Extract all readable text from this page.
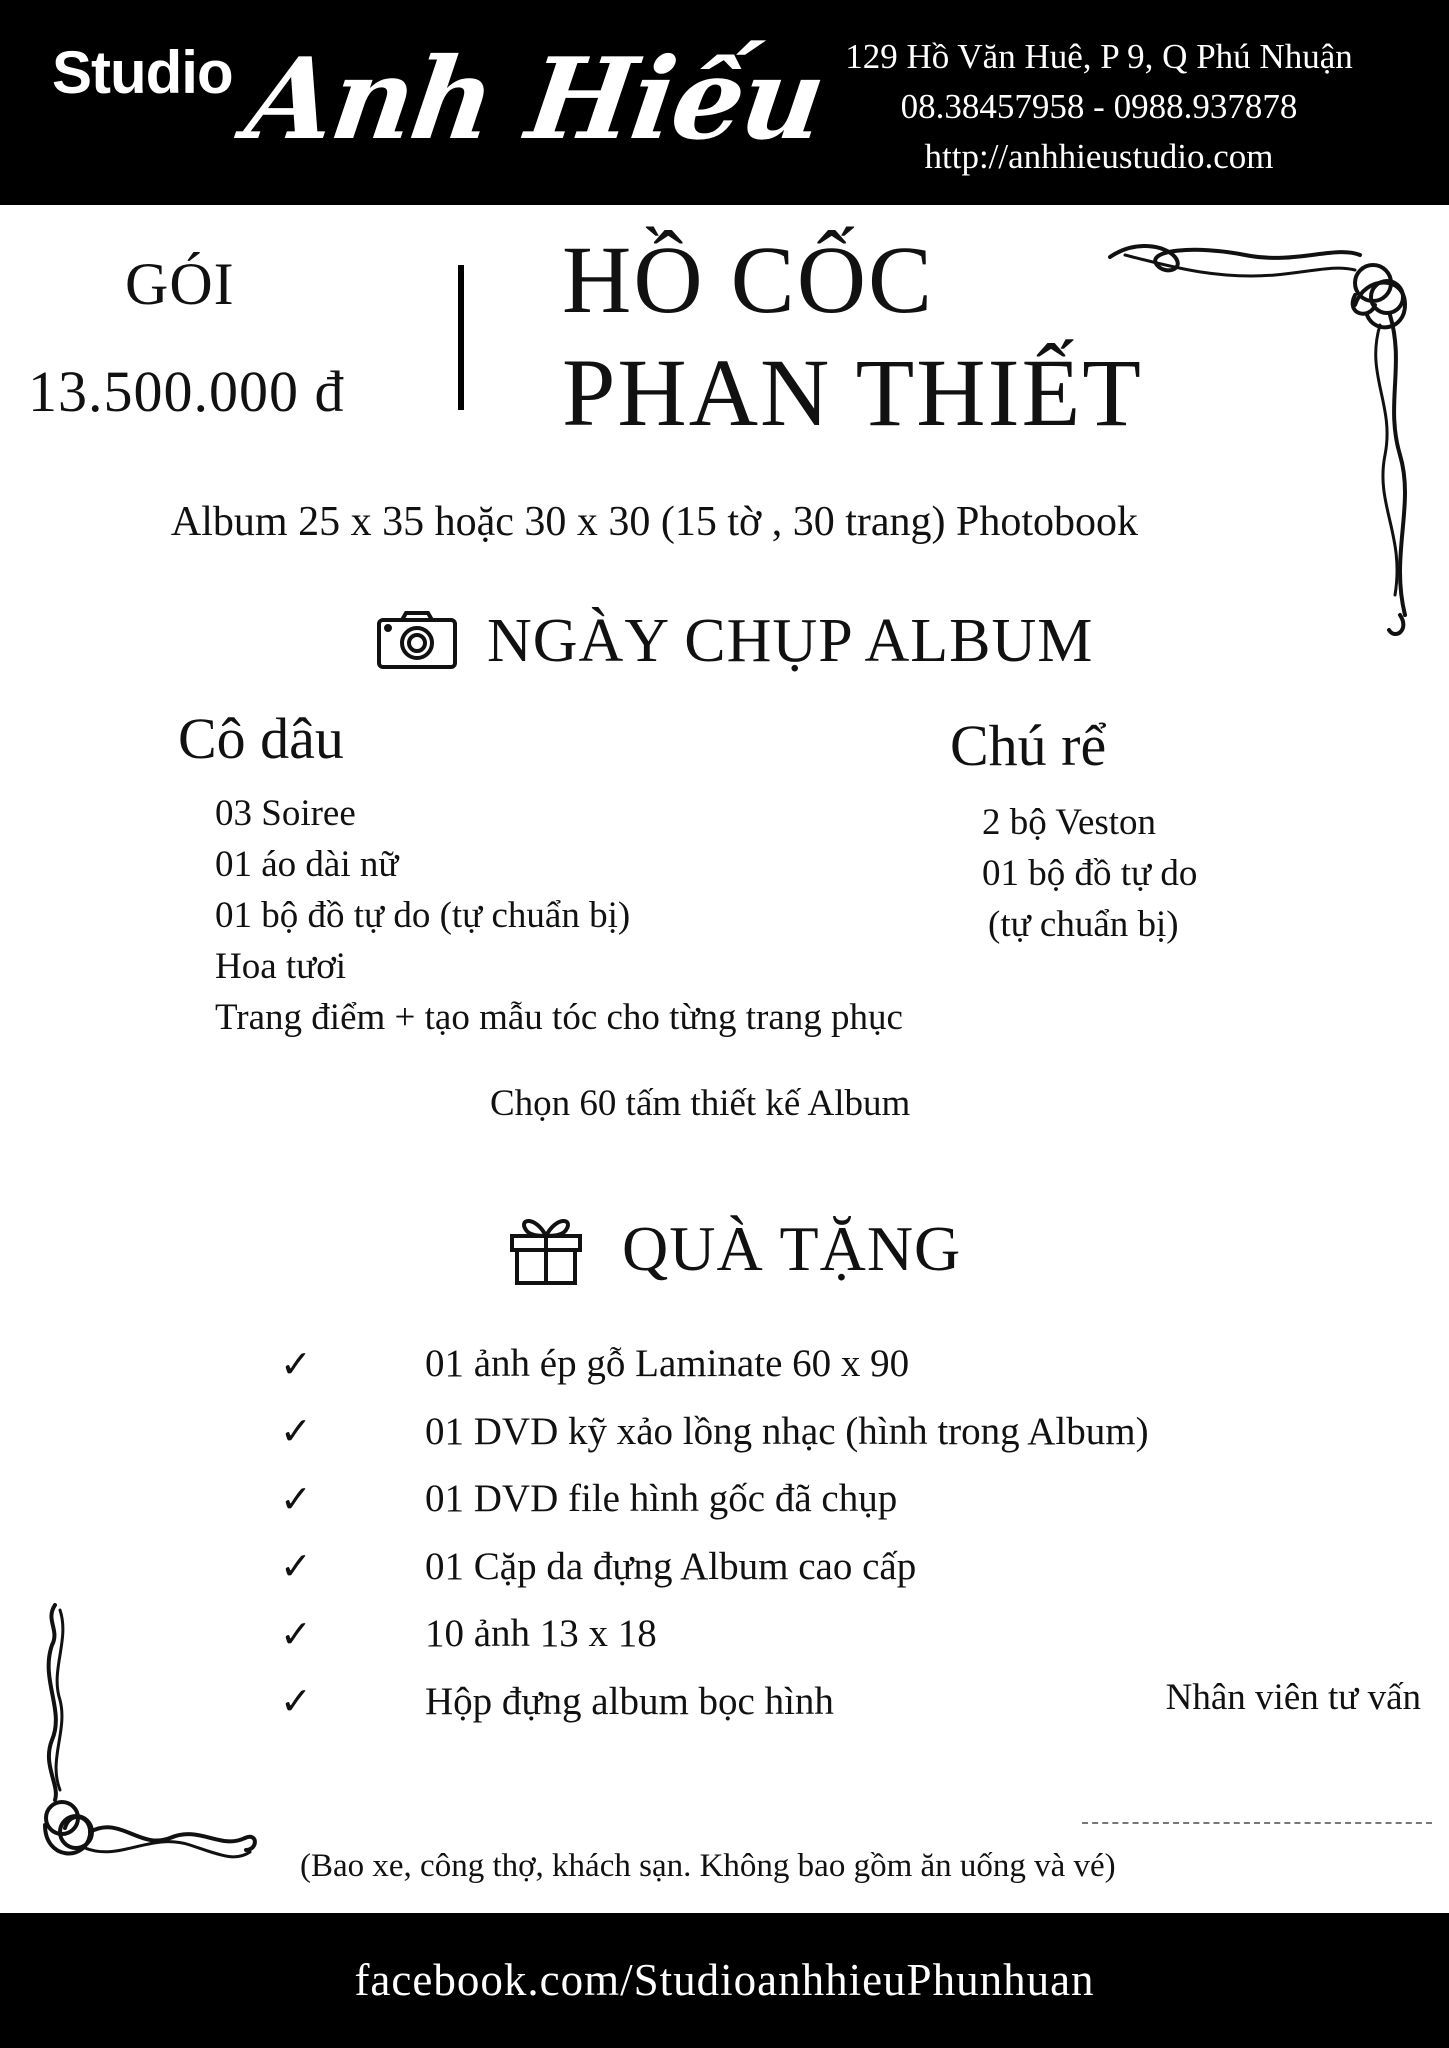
Studio Anh Hiếu 129 Hồ Văn Huê, P 9, Q Phú Nhuận
08.38457958 - 0988.937878
http://anhhieustudio.com
GÓI
13.500.000 đ
HỒ CỐC
PHAN THIẾT
Album 25 x 35 hoặc 30 x 30 (15 tờ , 30 trang) Photobook
NGÀY CHỤP ALBUM
Cô dâu
03 Soiree
01 áo dài nữ
01 bộ đồ tự do (tự chuẩn bị)
Hoa tươi
Trang điểm + tạo mẫu tóc cho từng trang phục
Chú rể
2 bộ Veston
01 bộ đồ tự do
(tự chuẩn bị)
Chọn 60 tấm thiết kế Album
QUÀ TẶNG
✓	01 ảnh ép gỗ Laminate 60 x 90
✓	01 DVD kỹ xảo lồng nhạc (hình trong Album)
✓	01 DVD file hình gốc đã chụp
✓	01 Cặp da đựng Album cao cấp
✓	10 ảnh 13 x 18
✓	Hộp đựng album bọc hình	Nhân viên tư vấn
(Bao xe, công thợ, khách sạn. Không bao gồm ăn uống và vé)
facebook.com/StudioanhhieuPhunhuan
